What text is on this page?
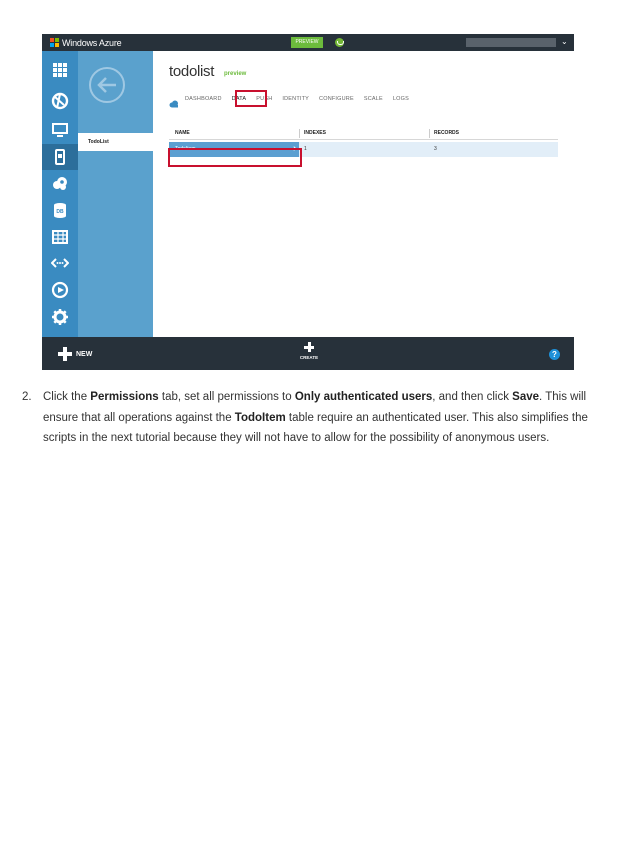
Windows Azure	PREVIEW	⌄
DB
TodoList
todolist preview
DASHBOARD DATA PUSH IDENTITY CONFIGURE SCALE LOGS
NAME	INDEXES	RECORDS
TodoItem	➜ 1	3
NEW	CREATE	?
2. Click the Permissions tab, set all permissions to Only authenticated users, and then click Save. This will ensure that all operations against the TodoItem table require an authenticated user. This also simplifies the scripts in the next tutorial because they will not have to allow for the possibility of anonymous users.
